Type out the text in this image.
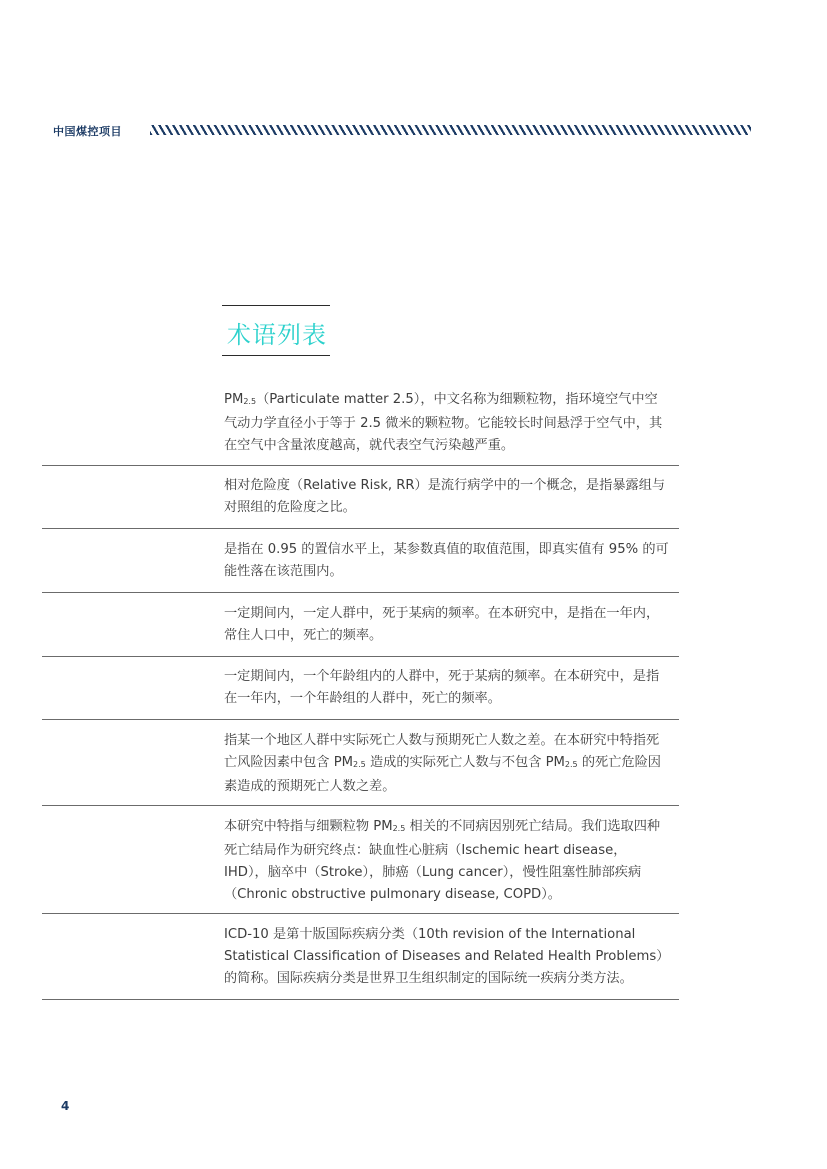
中国煤控项目
术语列表
$PM_{2.5}(Particulate$ matter 2.5），中文名称为细颗粒物，指环境空气中空气动力学直径小于等于 2.5 微米的颗粒物。它能较长时间悬浮于空气中，其在空气中含量浓度越高，就代表空气污染越严重。
相对危险度（Relative Risk, RR）是流行病学中的一个概念，是指暴露组与对照组的危险度之比。
是指在 0.95 的置信水平上，某参数真值的取值范围，即真实值有 95% 的可能性落在该范围内。
一定期间内，一定人群中，死于某病的频率。在本研究中，是指在一年内，常住人口中，死亡的频率。
一定期间内，一个年龄组内的人群中，死于某病的频率。在本研究中，是指在一年内，一个年龄组的人群中，死亡的频率。
指某一个地区人群中实际死亡人数与预期死亡人数之差。在本研究中特指死亡风险因素中包含 $PM_{2.5}$ 造成的实际死亡人数与不包含 $PM_{2.5}$ 的死亡危险因素造成的预期死亡人数之差。
本研究中特指与细颗粒物 $PM_{2.5}$ 相关的不同病因别死亡结局。我们选取四种死亡结局作为研究终点：缺血性心脏病（Ischemic heart disease，IHD），脑卒中（Stroke），肺癌（Lung cancer），慢性阻塞性肺部疾病（Chronic obstructive pulmonary disease, COPD）。
ICD-10 是第十版国际疾病分类（10th revision of the International Statistical Classification of Diseases and Related Health Problems）的简称。国际疾病分类是世界卫生组织制定的国际统一疾病分类方法。
4
